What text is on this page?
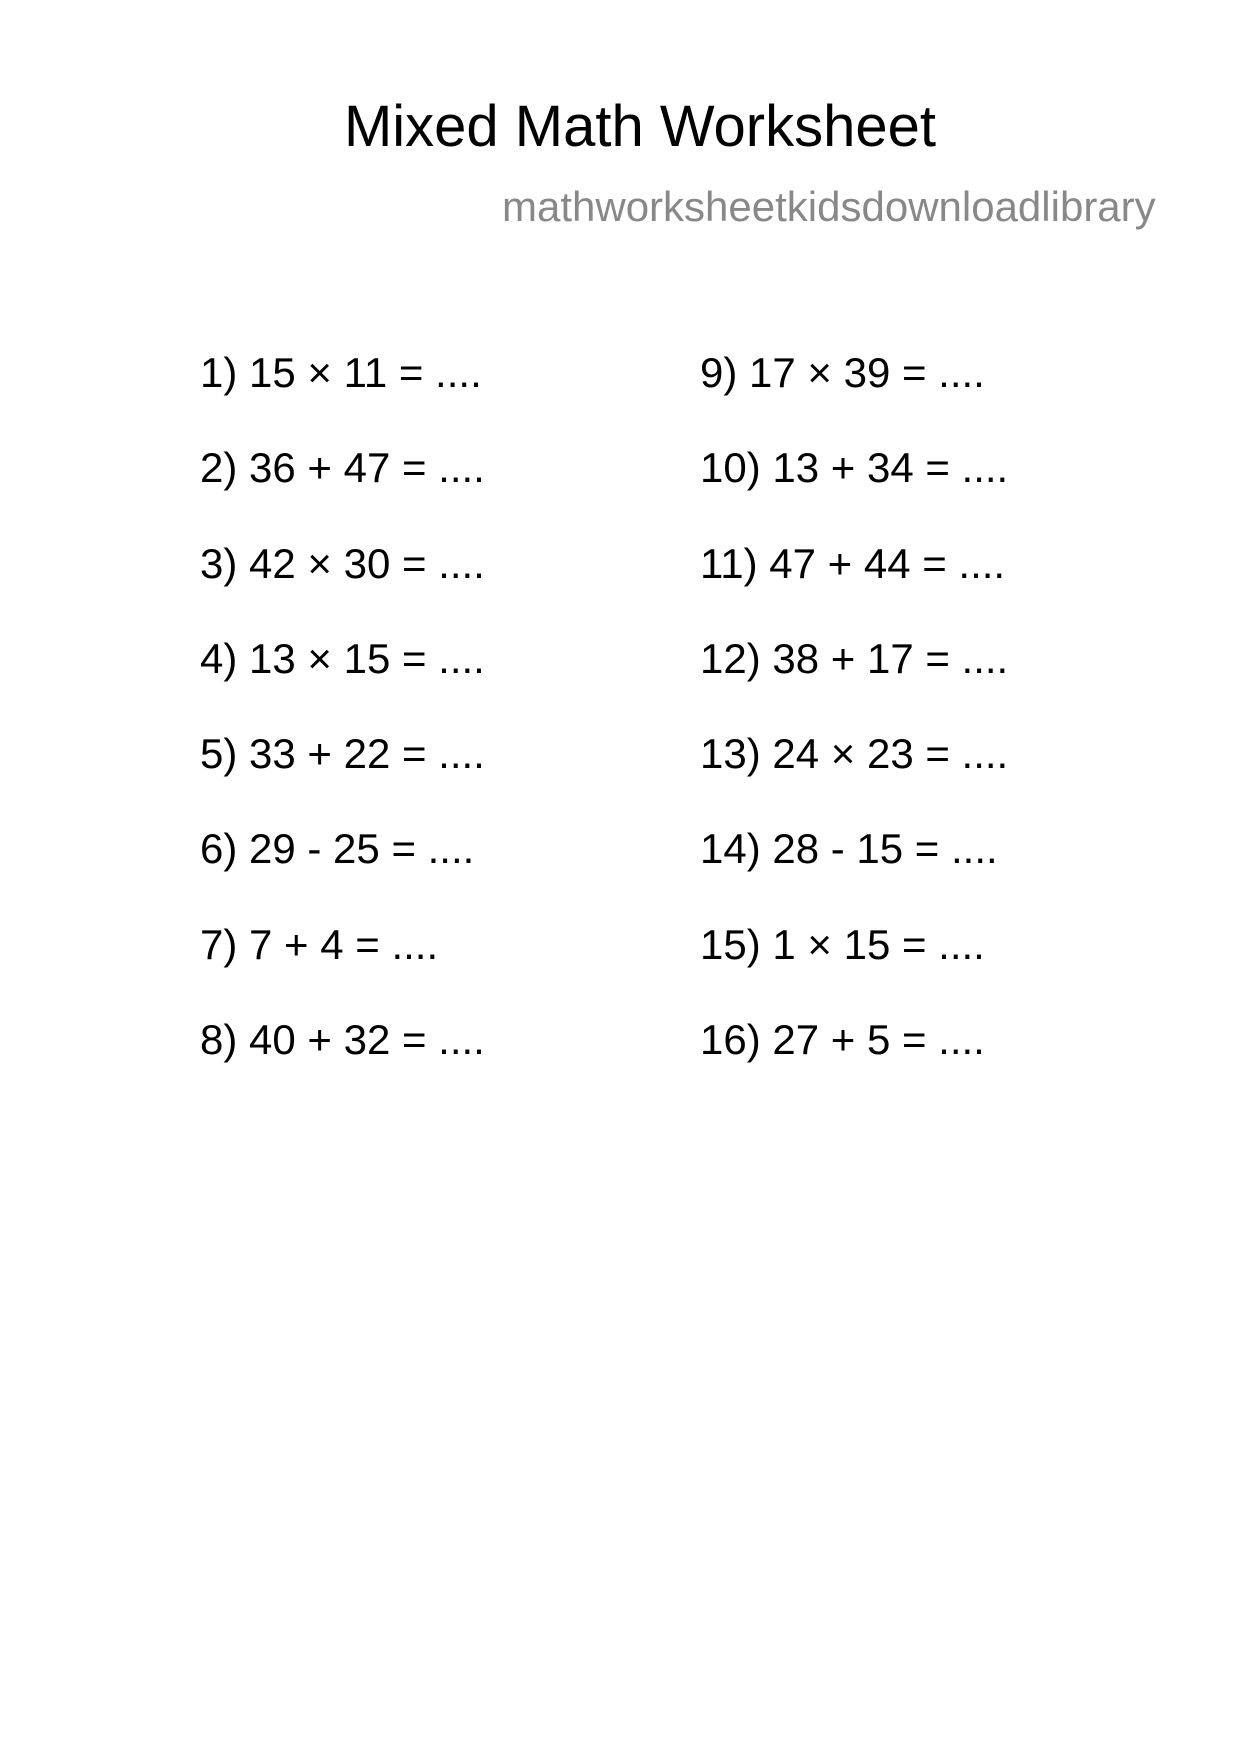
Mixed Math Worksheet
mathworksheetkidsdownloadlibrary
1) 15 × 11 = ....
2) 36 + 47 = ....
3) 42 × 30 = ....
4) 13 × 15 = ....
5) 33 + 22 = ....
6) 29 - 25 = ....
7) 7 + 4 = ....
8) 40 + 32 = ....
9) 17 × 39 = ....
10) 13 + 34 = ....
11) 47 + 44 = ....
12) 38 + 17 = ....
13) 24 × 23 = ....
14) 28 - 15 = ....
15) 1 × 15 = ....
16) 27 + 5 = ....
